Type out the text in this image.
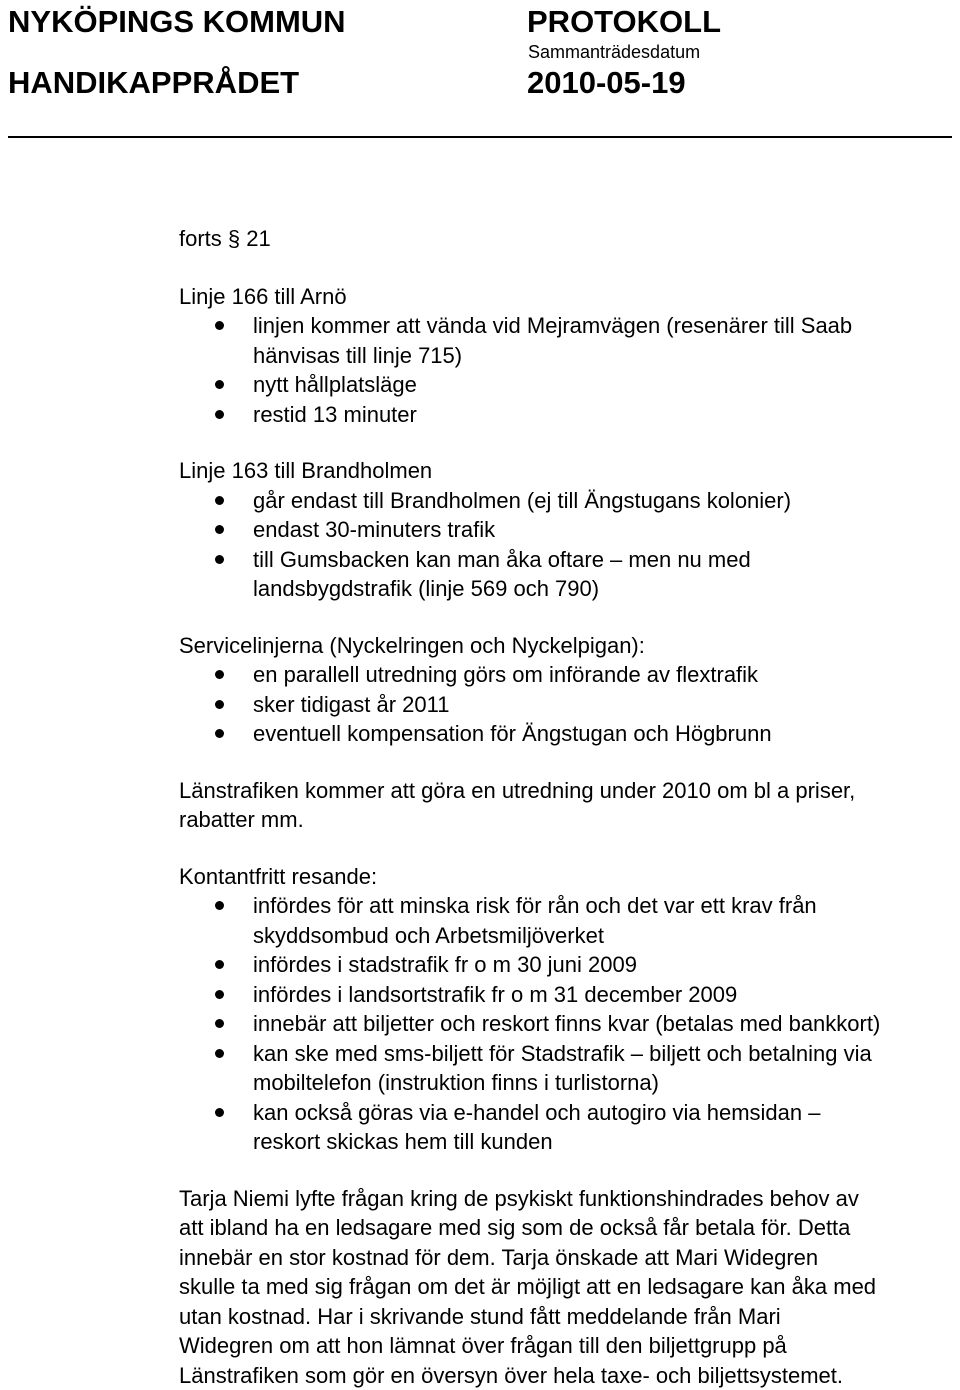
NYKÖPINGS KOMMUN	PROTOKOLL
Sammanträdesdatum
HANDIKAPPRÅDET	2010-05-19

forts § 21

Linje 166 till Arnö

linjen kommer att vända vid Mejramvägen (resenärer till Saab
hänvisas till linje 715)
nytt hållplatsläge
restid 13 minuter

Linje 163 till Brandholmen

går endast till Brandholmen (ej till Ängstugans kolonier)
endast 30-minuters trafik
till Gumsbacken kan man åka oftare – men nu med
landsbygdstrafik (linje 569 och 790)

Servicelinjerna (Nyckelringen och Nyckelpigan):

en parallell utredning görs om införande av flextrafik
sker tidigast år 2011
eventuell kompensation för Ängstugan och Högbrunn
Länstrafiken kommer att göra en utredning under 2010 om bl a priser,
rabatter mm.

Kontantfritt resande:

infördes för att minska risk för rån och det var ett krav från
skyddsombud och Arbetsmiljöverket
infördes i stadstrafik fr o m 30 juni 2009
infördes i landsortstrafik fr o m 31 december 2009
innebär att biljetter och reskort finns kvar (betalas med bankkort)
kan ske med sms-biljett för Stadstrafik – biljett och betalning via
mobiltelefon (instruktion finns i turlistorna)
kan också göras via e-handel och autogiro via hemsidan –
reskort skickas hem till kunden
Tarja Niemi lyfte frågan kring de psykiskt funktionshindrades behov av
att ibland ha en ledsagare med sig som de också får betala för. Detta
innebär en stor kostnad för dem. Tarja önskade att Mari Widegren
skulle ta med sig frågan om det är möjligt att en ledsagare kan åka med
utan kostnad. Har i skrivande stund fått meddelande från Mari
Widegren om att hon lämnat över frågan till den biljettgrupp på
Länstrafiken som gör en översyn över hela taxe- och biljettsystemet.
